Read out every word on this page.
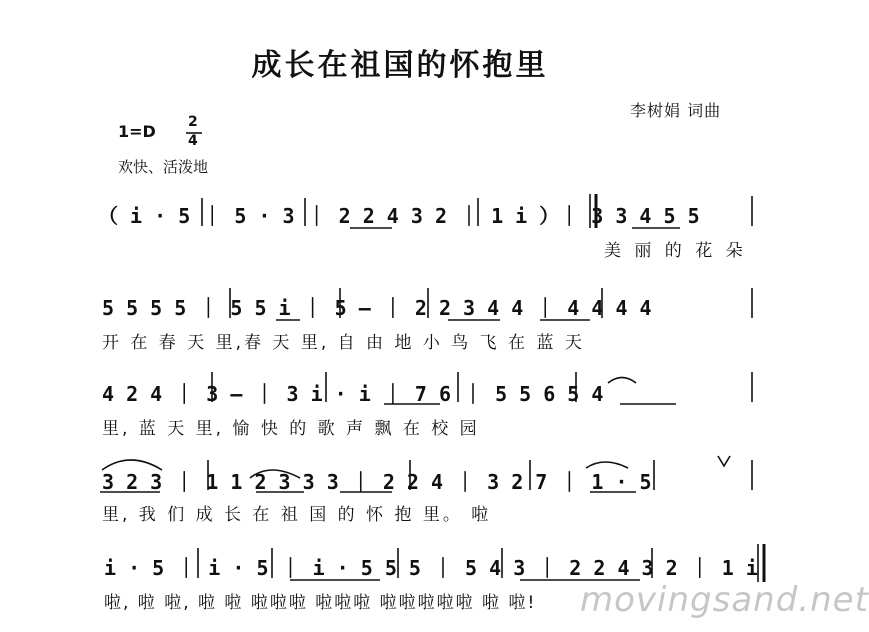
成长在祖国的怀抱里
李树娟 词曲
1=D 2
4
欢快、活泼地
（ i · 5 ｜ 5 · 3 ｜ 2 2 4 3 2 ｜ 1 i ）｜ 3 3 4 5 5
美 丽 的 花 朵
5 5 5 5 ｜ 5 5 i ｜ 5 – ｜ 2 2 3 4 4 ｜ 4 4 4 4
开 在 春 天 里,春 天 里, 自 由 地 小 鸟 飞 在 蓝 天
4 2 4 ｜ 3 – ｜ 3 i · i ｜ 7 6 ｜ 5 5 6 5 4
里, 蓝 天 里, 愉 快 的 歌 声 飘 在 校 园
3 2 3 ｜ 1 1 2 3 3 3 ｜ 2 2 4 ｜ 3 2 7 ｜ 1 · 5
里, 我 们 成 长 在 祖 国 的 怀 抱 里。 啦
i · 5 ｜ i · 5 ｜ i · 5 5 5 ｜ 5 4 3 ｜ 2 2 4 3 2 ｜ 1 i
啦, 啦 啦, 啦 啦 啦啦啦 啦啦啦 啦啦啦啦啦 啦 啦! movingsand.net
